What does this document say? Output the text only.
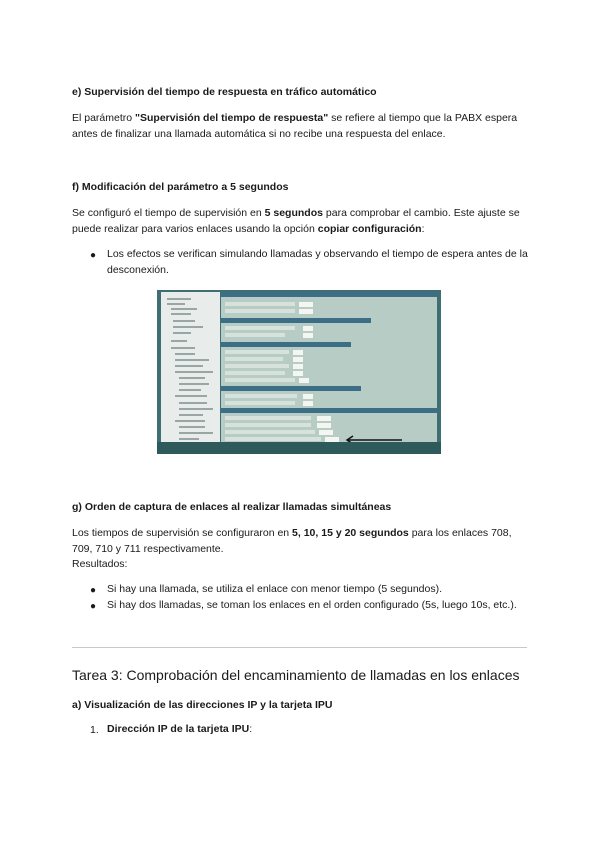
e) Supervisión del tiempo de respuesta en tráfico automático
El parámetro "Supervisión del tiempo de respuesta" se refiere al tiempo que la PABX espera antes de finalizar una llamada automática si no recibe una respuesta del enlace.
f) Modificación del parámetro a 5 segundos
Se configuró el tiempo de supervisión en 5 segundos para comprobar el cambio. Este ajuste se puede realizar para varios enlaces usando la opción copiar configuración:
● Los efectos se verifican simulando llamadas y observando el tiempo de espera antes de la desconexión.
g) Orden de captura de enlaces al realizar llamadas simultáneas
Los tiempos de supervisión se configuraron en 5, 10, 15 y 20 segundos para los enlaces 708, 709, 710 y 711 respectivamente.
Resultados:
● Si hay una llamada, se utiliza el enlace con menor tiempo (5 segundos).
● Si hay dos llamadas, se toman los enlaces en el orden configurado (5s, luego 10s, etc.).
Tarea 3: Comprobación del encaminamiento de llamadas en los enlaces
a) Visualización de las direcciones IP y la tarjeta IPU
1. Dirección IP de la tarjeta IPU:
